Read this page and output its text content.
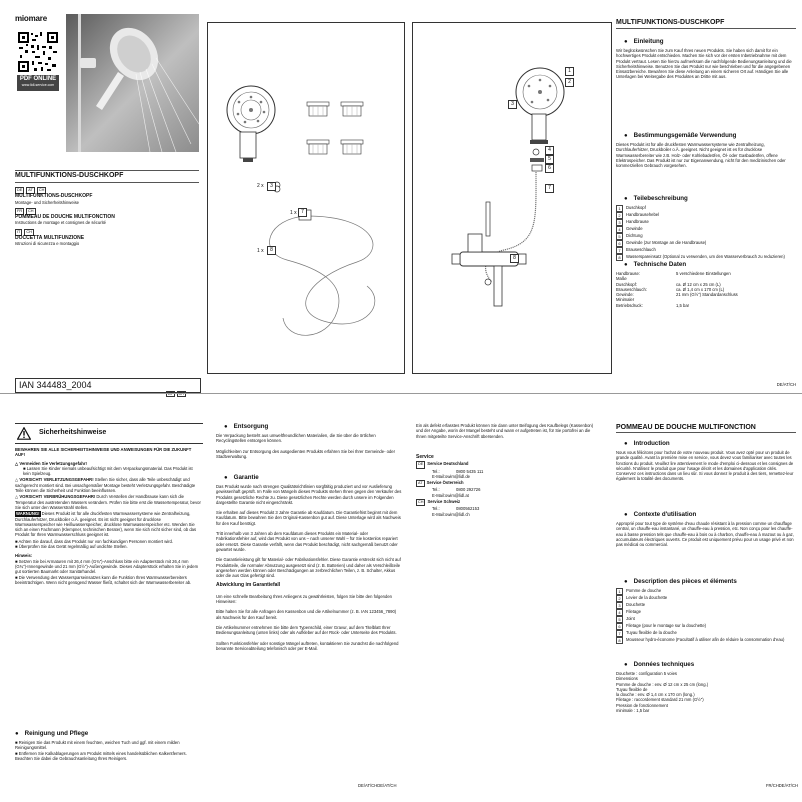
miomare
PDF ONLINE
www.lidl-service.com
MULTIFUNKTIONS-DUSCHKOPF
DE AT CH
MULTIFUNKTIONS-DUSCHKOPF
Montage- und Sicherheitshinweise
FR CH
POMMEAU DE DOUCHE MULTIFONCTION
Instructions de montage et consignes de sécurité
IT CH
DOCCETTA MULTIFUNZIONE
Istruzioni di sicurezza e montaggio
IAN 344483_2004
AT CH
2 x	3
1 x 7
1 x	8
1
2
3
4
5
6
7
8
MULTIFUNKTIONS-DUSCHKOPF
● Einleitung
Wir beglückwünschen Sie zum Kauf Ihres neuen Produkts. Sie haben sich damit für ein hochwertiges Produkt entschieden. Machen Sie sich vor der ersten Inbetriebnahme mit dem Produkt vertraut. Lesen Sie hierzu aufmerksam die nachfolgende Bedienungsanleitung und die Sicherheitshinweise. Benutzen Sie das Produkt nur wie beschrieben und für die angegebenen Einsatzbereiche. Bewahren Sie diese Anleitung an einem sicheren Ort auf. Händigen Sie alle Unterlagen bei Weitergabe des Produktes an Dritte mit aus.
● Bestimmungsgemäße Verwendung
Dieses Produkt ist für alle druckfesten Warmwassersysteme wie Zentralheizung, Durchlauferhitzer, Druckboiler o.Ä. geeignet. Nicht geeignet ist es für drucklose Warmwasserbereiter wie z.B. Holz- oder Kohlebadeöfen, Öl- oder Gasbadeöfen, offene Elektrospeicher. Das Produkt ist nur zur Eigenanwendung, nicht für den medizinischen oder kommerziellen Gebrauch vorgesehen.
● Teilebeschreibung
1	Duschkopf
2	Handbrausehebel
3	Handbrause
4	Gewinde
5	Dichtung
6	Gewinde (zur Montage an die Handbrause)
7	Brauseschlauch
8	Wasserspareinsatz (Optional zu verwenden, um den Wasserverbrauch zu reduzieren)
● Technische Daten
Handbrause:	5 verschiedene Einstellungen
Maße
Duschkopf:	ca. Ø 12 cm x 25 cm (L)
Brauseschlauch:	ca. Ø 1,4 cm x 170 cm (L)
Gewinde:	21 mm (G½") Standardanschluss
Minimaler
Betriebsdruck:	1,5 bar
DE/AT/CH
Sicherheitshinweise
BEWAHREN SIE ALLE SICHERHEITSHINWEISE UND ANWEISUNGEN FÜR DIE ZUKUNFT AUF!
△ Vermeiden Sie Verletzungsgefahr!
■ Lassen Sie Kinder niemals unbeaufsichtigt mit dem Verpackungsmaterial. Das Produkt ist kein Spielzeug.
△ VORSICHT! VERLETZUNGSGEFAHR! Stellen Sie sicher, dass alle Teile unbeschädigt und sachgerecht montiert sind. Bei unsachgemäßer Montage besteht Verletzungsgefahr. Beschädigte Teile können die Sicherheit und Funktion beeinflussen.
△ VORSICHT! VERBRÜHUNGSGEFAHR! Durch Verstellen der Handbrause kann sich die Temperatur des austretenden Wassers verändern. Prüfen Sie bitte erst die Wassertemperatur, bevor Sie sich unter den Wasserstrahl stellen.
WARNUNG! Dieses Produkt ist für alle druckfesten Warmwassersysteme wie Zentralheizung, Durchlauferhitzer, Druckboiler o.Ä. geeignet. Es ist nicht geeignet für drucklose Warmwasserspeicher wie Heißwasserspeicher, drucklose Warmwasserspeicher etc. Wenden Sie sich an einen Fachmann (Klempner, technischen Berater), wenn Sie sich nicht sicher sind, ob das Produkt für Ihren Warmwasserschluss geeignet ist.
■ Achten Sie darauf, dass das Produkt nur von fachkundigen Personen montiert wird.
■ Überprüfen Sie das Gerät regelmäßig auf undichte Stellen.
Hinweis:
■ Setzen Sie bei Armaturen mit 26,4 mm (G¾")-Anschluss bitte ein Adapterstück mit 26,4 mm (G¾")-Innengewinde und 21 mm (G½")-Außengewinde. Dieses Adapterstück erhalten Sie in jedem gut sortierten Baumarkt oder Sanitärhandel.
■ Die Verwendung des Wassersparseinsatzes kann die Funktion Ihres Warmwasserbereiters beeinträchtigen. Wenn nicht genügend Wasser fließt, schaltet sich der Warmwasserbereiter ab.
● Reinigung und Pflege
■ Reinigen Sie das Produkt mit einem feuchten, weichen Tuch und ggf. mit einem milden Reinigungsmittel.
■ Entfernen Sie Kalkablagerungen am Produkt mittels eines handelsüblichen Kalkentferners. Beachten Sie dabei die Gebrauchsanleitung Ihres Reinigers.
● Entsorgung
Die Verpackung besteht aus umweltfreundlichen Materialien, die Sie über die örtlichen Recyclingstellen entsorgen können.
Möglichkeiten zur Entsorgung des ausgedienten Produkts erfahren Sie bei Ihrer Gemeinde- oder Stadtverwaltung.
● Garantie
Das Produkt wurde nach strengen Qualitätsrichtlinien sorgfältig produziert und vor Auslieferung gewissenhaft geprüft. Im Falle von Mängeln dieses Produkts stehen Ihnen gegen den Verkäufer des Produkts gesetzliche Rechte zu. Diese gesetzlichen Rechte werden durch unsere im Folgenden dargestellte Garantie nicht eingeschränkt.
Sie erhalten auf dieses Produkt 3 Jahre Garantie ab Kaufdatum. Die Garantiefrist beginnt mit dem Kaufdatum. Bitte bewahren Sie den Original-Kassenbon gut auf. Diese Unterlage wird als Nachweis für den Kauf benötigt.
Tritt innerhalb von 3 Jahren ab dem Kaufdatum dieses Produkts ein Material- oder Fabrikationsfehler auf, wird das Produkt von uns – nach unserer Wahl – für Sie kostenlos repariert oder ersetzt. Diese Garantie verfällt, wenn das Produkt beschädigt, nicht sachgemäß benutzt oder gewartet wurde.
Die Garantieleistung gilt für Material- oder Fabrikationsfehler. Diese Garantie erstreckt sich nicht auf Produktteile, die normaler Abnutzung ausgesetzt sind (z. B. Batterien) und daher als Verschleißteile angesehen werden können oder Beschädigungen an zerbrechlichen Teilen, z. B. Schalter, Akkus oder die aus Glas gefertigt sind.
Abwicklung im Garantiefall
Um eine schnelle Bearbeitung Ihres Anliegens zu gewährleisten, folgen Sie bitte den folgenden Hinweisen:
Bitte halten Sie für alle Anfragen den Kassenbon und die Artikelnummer (z. B. IAN 123456_7890) als Nachweis für den Kauf bereit.
Die Artikelnummer entnehmen Sie bitte dem Typenschild, einer Gravur, auf dem Titelblatt Ihrer Bedienungsanleitung (unten links) oder als Aufkleber auf der Rück- oder Unterseite des Produkts.
Sollten Funktionsfehler oder sonstige Mängel auftreten, kontaktieren Sie zunächst die nachfolgend benannte Serviceabteilung telefonisch oder per E-Mail.
Ein als defekt erfasstes Produkt können Sie dann unter Beifügung des Kaufbelegs (Kassenbon) und der Angabe, worin der Mangel besteht und wann er aufgetreten ist, für Sie portofrei an die Ihnen mitgeteilte Service-Anschrift übersenden.
Service
DE Service Deutschland
Tel.:	0800 5435 111
E-Mail: owim@lidl.de
AT Service Österreich
Tel.:	0800 292726
E-Mail: owim@lidl.at
CH Service Schweiz
Tel.:	0800562153
E-Mail: owim@lidl.ch
DE/AT/CHDE/AT/CH
POMMEAU DE DOUCHE MULTIFONCTION
● Introduction
Nous vous félicitons pour l'achat de votre nouveau produit. Vous avez opté pour un produit de grande qualité. Avant la première mise en service, vous devez vous familiariser avec toutes les fonctions du produit. Veuillez lire attentivement le mode d'emploi ci-dessous et les consignes de sécurité. N'utilisez le produit que pour l'usage décrit et les domaines d'application cités. Conservez ces instructions dans un lieu sûr. Si vous donnez le produit à des tiers, remettez-leur également la totalité des documents.
● Contexte d'utilisation
Approprié pour tout type de système d'eau chaude résistant à la pression comme un chauffage central, un chauffe-eau instantané, un chauffe-eau à pression, etc. Non conçu pour les chauffe-eau à basse pression tels que chauffe-eau à bois ou à charbon, chauffe-eau à mazout ou à gaz, accumulateurs électriques ouverts. Ce produit est uniquement prévu pour un usage privé et non pas médical ou commercial.
● Description des pièces et éléments
1	Pomme de douche
2	Levier de la douchette
3	Douchette
4	Filetage
5	Joint
6	Filetage (pour le montage sur la douchette)
7	Tuyau flexible de la douche
8	Mousseur hydro-économe (Facultatif à utiliser afin de réduire la consommation d'eau)
● Données techniques
Douchette : configuration 5 voies
Dimensions
Pomme de douche : env. Ø 12 cm x 25 cm (long.)
Tuyau flexible de
la douche : env. Ø 1,4 cm x 170 cm (long.)
Filetage : raccordement standard 21 mm (G½")
Pression de fonctionnement
minimale : 1,5 bar
FR/CHDE/AT/CH
